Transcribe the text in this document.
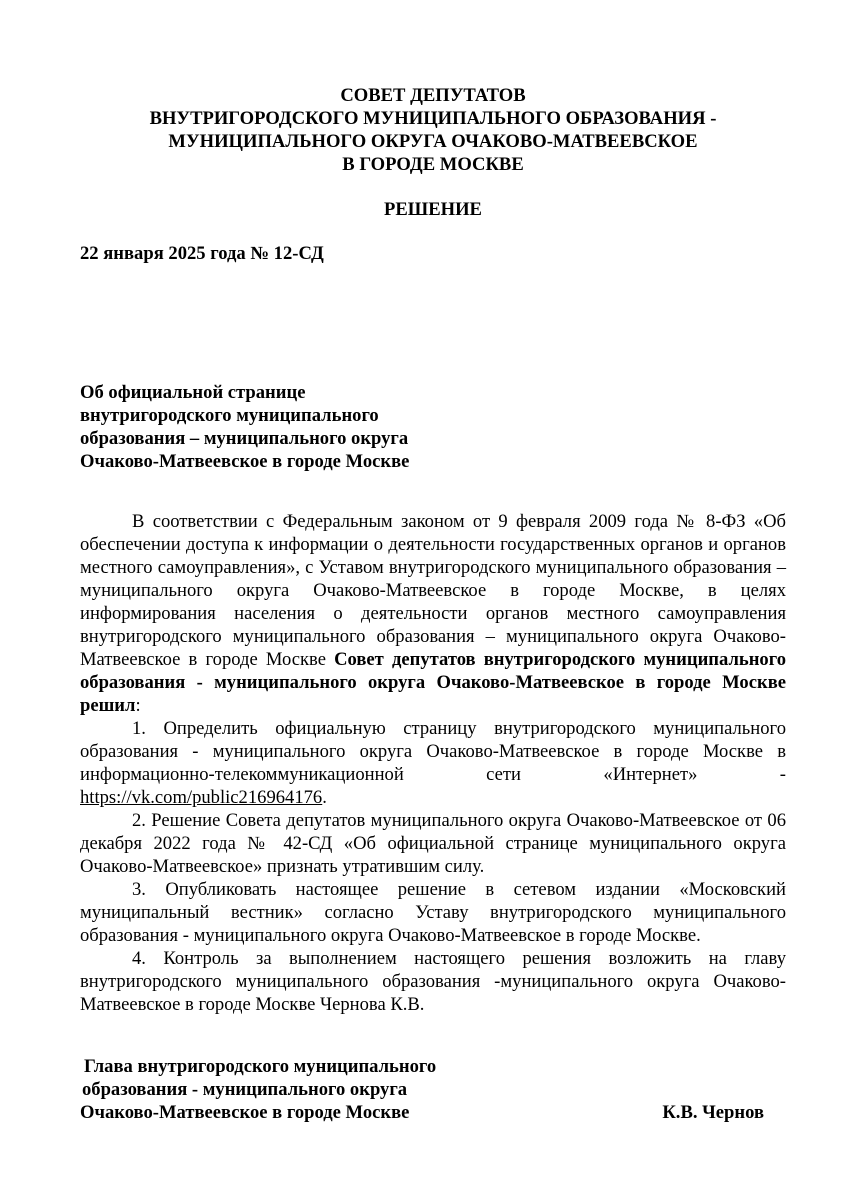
СОВЕТ ДЕПУТАТОВ
ВНУТРИГОРОДСКОГО МУНИЦИПАЛЬНОГО ОБРАЗОВАНИЯ -
МУНИЦИПАЛЬНОГО ОКРУГА ОЧАКОВО-МАТВЕЕВСКОЕ
В ГОРОДЕ МОСКВЕ
РЕШЕНИЕ
22 января 2025 года № 12-СД
Об официальной странице
внутригородского муниципального
образования – муниципального округа
Очаково-Матвеевское в городе Москве

В соответствии с Федеральным законом от 9 февраля 2009 года № 8-ФЗ «Об обеспечении доступа к информации о деятельности государственных органов и органов местного самоуправления», с Уставом внутригородского муниципального образования – муниципального округа Очаково-Матвеевское в городе Москве, в целях информирования населения о деятельности органов местного самоуправления внутригородского муниципального образования – муниципального округа Очаково-Матвеевское в городе Москве Совет депутатов внутригородского муниципального образования - муниципального округа Очаково-Матвеевское в городе Москве решил:

1. Определить официальную страницу внутригородского муниципального образования - муниципального округа Очаково-Матвеевское в городе Москве в информационно-телекоммуникационной сети «Интернет» - https://vk.com/public216964176.

2. Решение Совета депутатов муниципального округа Очаково-Матвеевское от 06 декабря 2022 года № 42-СД «Об официальной странице муниципального округа Очаково-Матвеевское» признать утратившим силу.

3. Опубликовать настоящее решение в сетевом издании «Московский муниципальный вестник» согласно Уставу внутригородского муниципального образования - муниципального округа Очаково-Матвеевское в городе Москве.

4. Контроль за выполнением настоящего решения возложить на главу внутригородского муниципального образования -муниципального округа Очаково-Матвеевское в городе Москве Чернова К.В.

Глава внутригородского муниципального
образования - муниципального округа
Очаково-Матвеевское в городе Москве	К.В. Чернов
